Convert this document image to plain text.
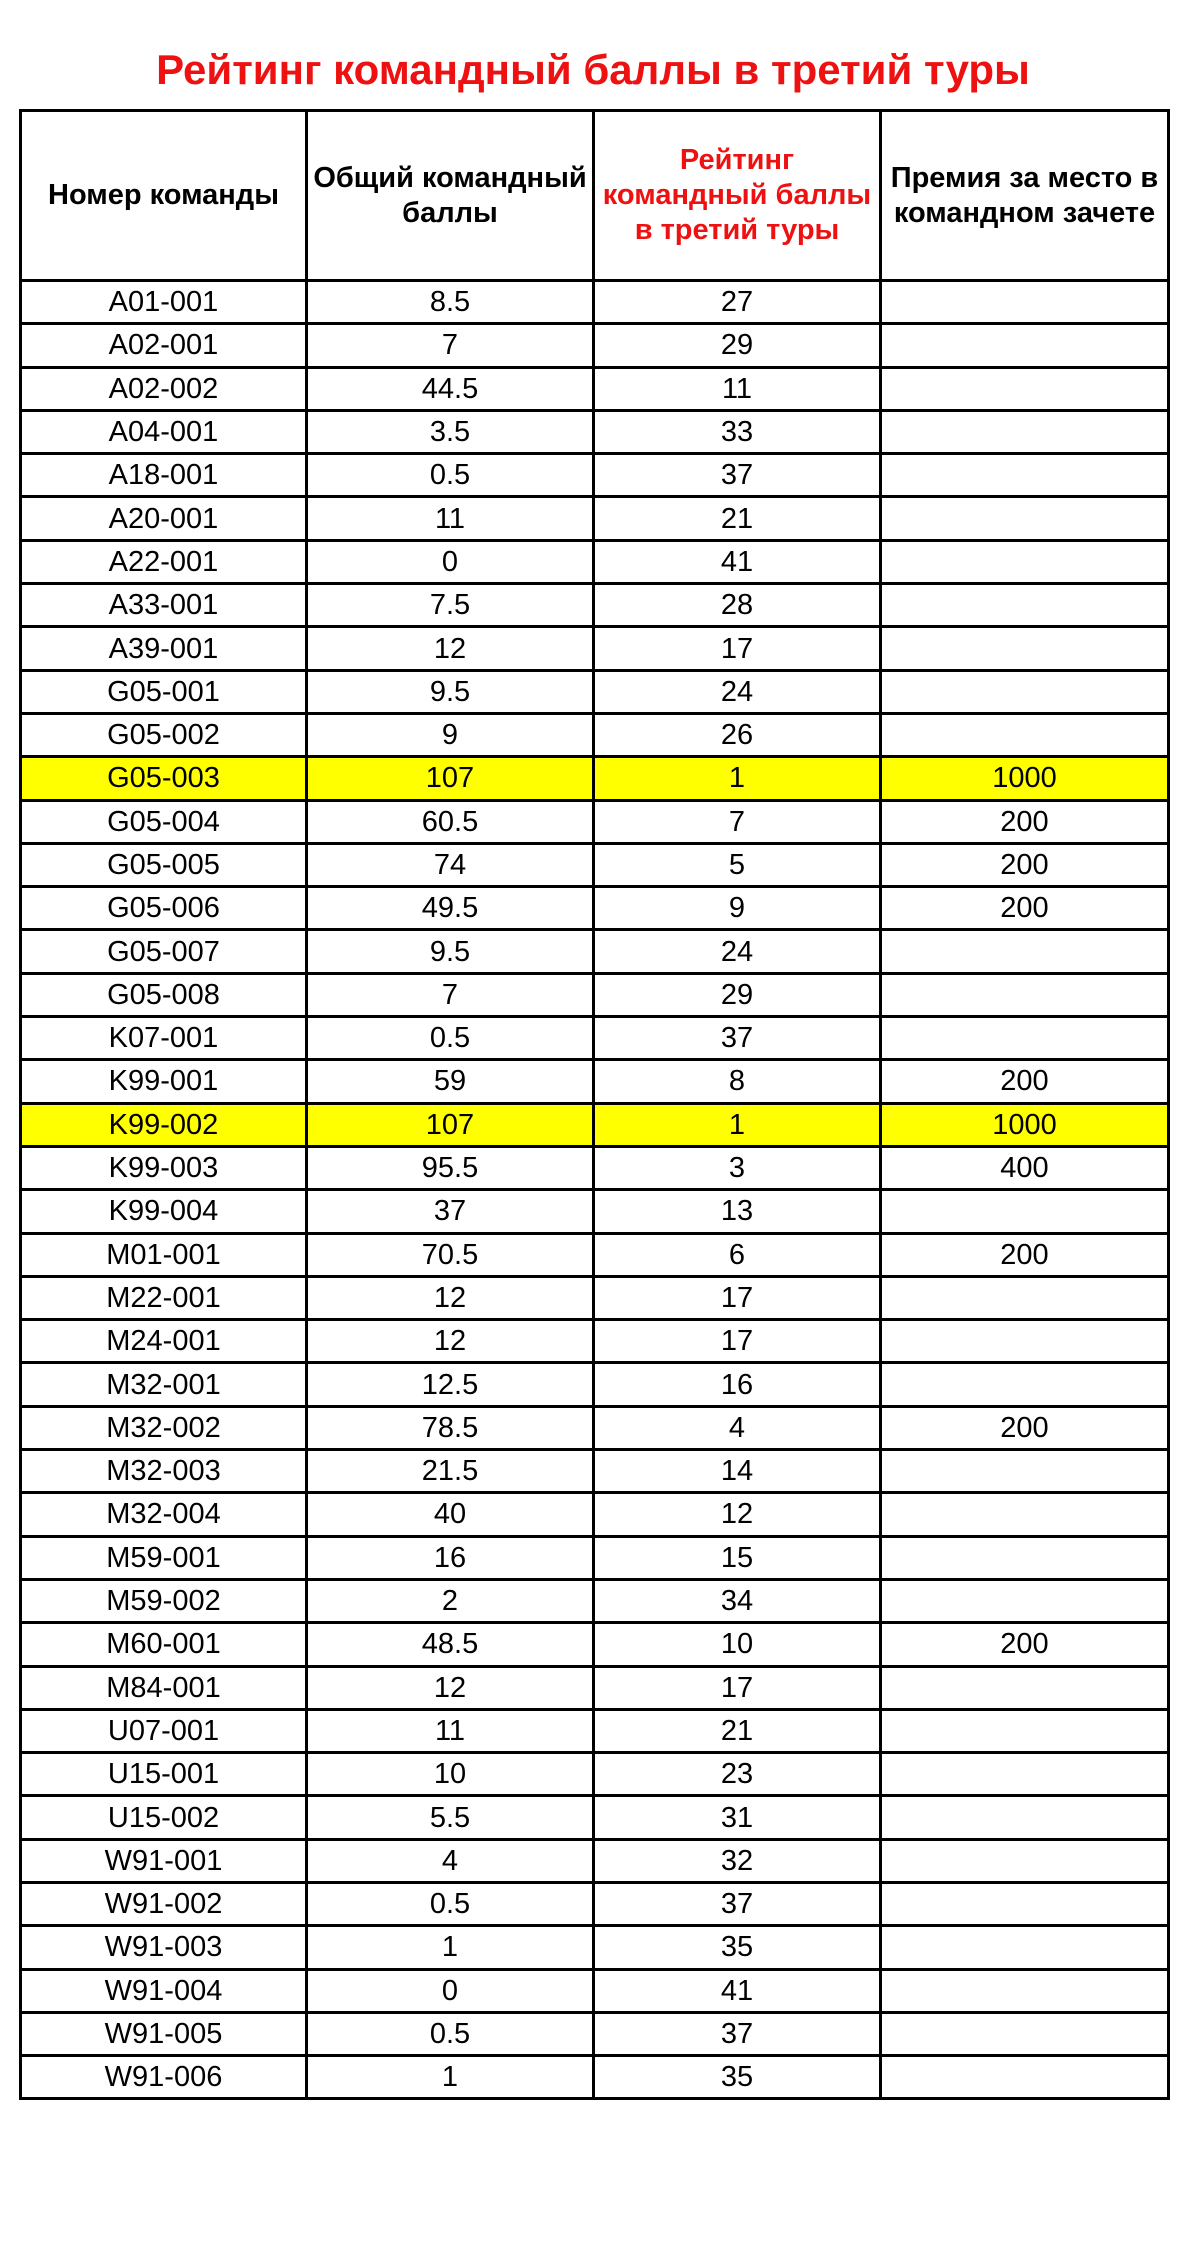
Рейтинг командный баллы в третий туры
Номер команды	Общий командный баллы	Рейтинг командный баллы в третий туры	Премия за место в командном зачете
A01-001	8.5	27	
A02-001	7	29	
A02-002	44.5	11	
A04-001	3.5	33	
A18-001	0.5	37	
A20-001	11	21	
A22-001	0	41	
A33-001	7.5	28	
A39-001	12	17	
G05-001	9.5	24	
G05-002	9	26	
G05-003	107	1	1000
G05-004	60.5	7	200
G05-005	74	5	200
G05-006	49.5	9	200
G05-007	9.5	24	
G05-008	7	29	
K07-001	0.5	37	
K99-001	59	8	200
K99-002	107	1	1000
K99-003	95.5	3	400
K99-004	37	13	
M01-001	70.5	6	200
M22-001	12	17	
M24-001	12	17	
M32-001	12.5	16	
M32-002	78.5	4	200
M32-003	21.5	14	
M32-004	40	12	
M59-001	16	15	
M59-002	2	34	
M60-001	48.5	10	200
M84-001	12	17	
U07-001	11	21	
U15-001	10	23	
U15-002	5.5	31	
W91-001	4	32	
W91-002	0.5	37	
W91-003	1	35	
W91-004	0	41	
W91-005	0.5	37	
W91-006	1	35	
